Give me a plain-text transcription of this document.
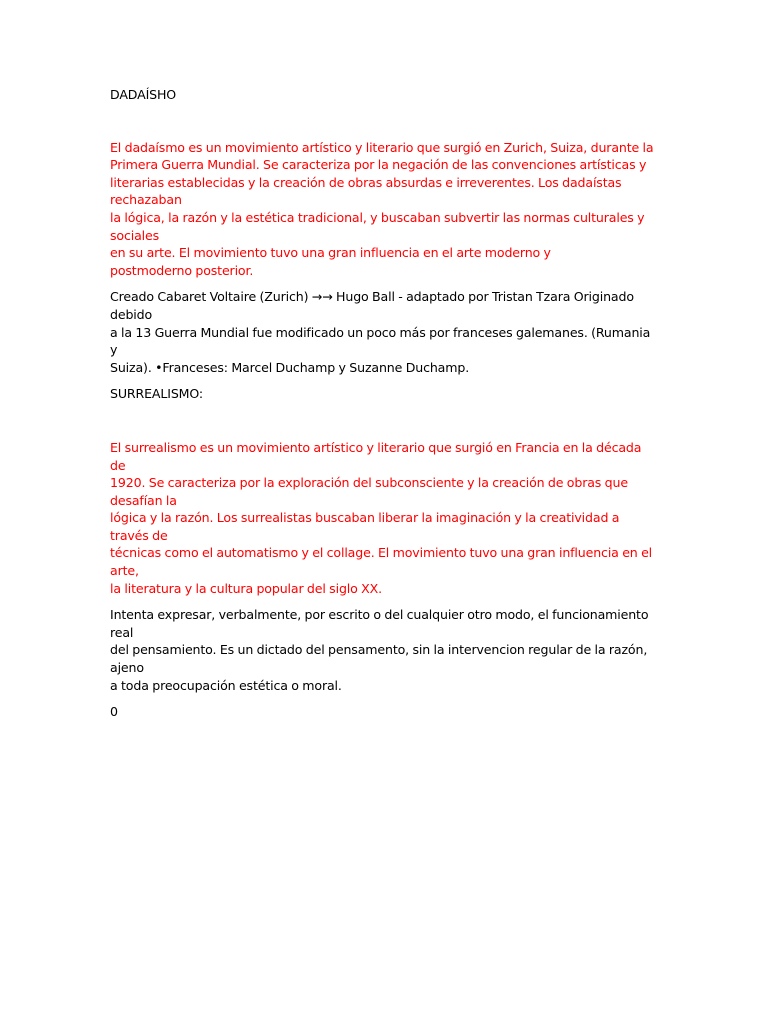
DADAÍSHO

El dadaísmo es un movimiento artístico y literario que surgió en Zurich, Suiza, durante la
Primera Guerra Mundial. Se caracteriza por la negación de las convenciones artísticas y
literarias establecidas y la creación de obras absurdas e irreverentes. Los dadaístas rechazaban
la lógica, la razón y la estética tradicional, y buscaban subvertir las normas culturales y sociales
en su arte. El movimiento tuvo una gran influencia en el arte moderno y
postmoderno posterior.

Creado Cabaret Voltaire (Zurich) →→ Hugo Ball - adaptado por Tristan Tzara Originado debido
a la 13 Guerra Mundial fue modificado un poco más por franceses galemanes. (Rumania y
Suiza). •Franceses: Marcel Duchamp y Suzanne Duchamp.

SURREALISMO:

El surrealismo es un movimiento artístico y literario que surgió en Francia en la década de
1920. Se caracteriza por la exploración del subconsciente y la creación de obras que desafían la
lógica y la razón. Los surrealistas buscaban liberar la imaginación y la creatividad a través de
técnicas como el automatismo y el collage. El movimiento tuvo una gran influencia en el arte,
la literatura y la cultura popular del siglo XX.

Intenta expresar, verbalmente, por escrito o del cualquier otro modo, el funcionamiento real
del pensamiento. Es un dictado del pensamento, sin la intervencion regular de la razón, ajeno
a toda preocupación estética o moral.

0
